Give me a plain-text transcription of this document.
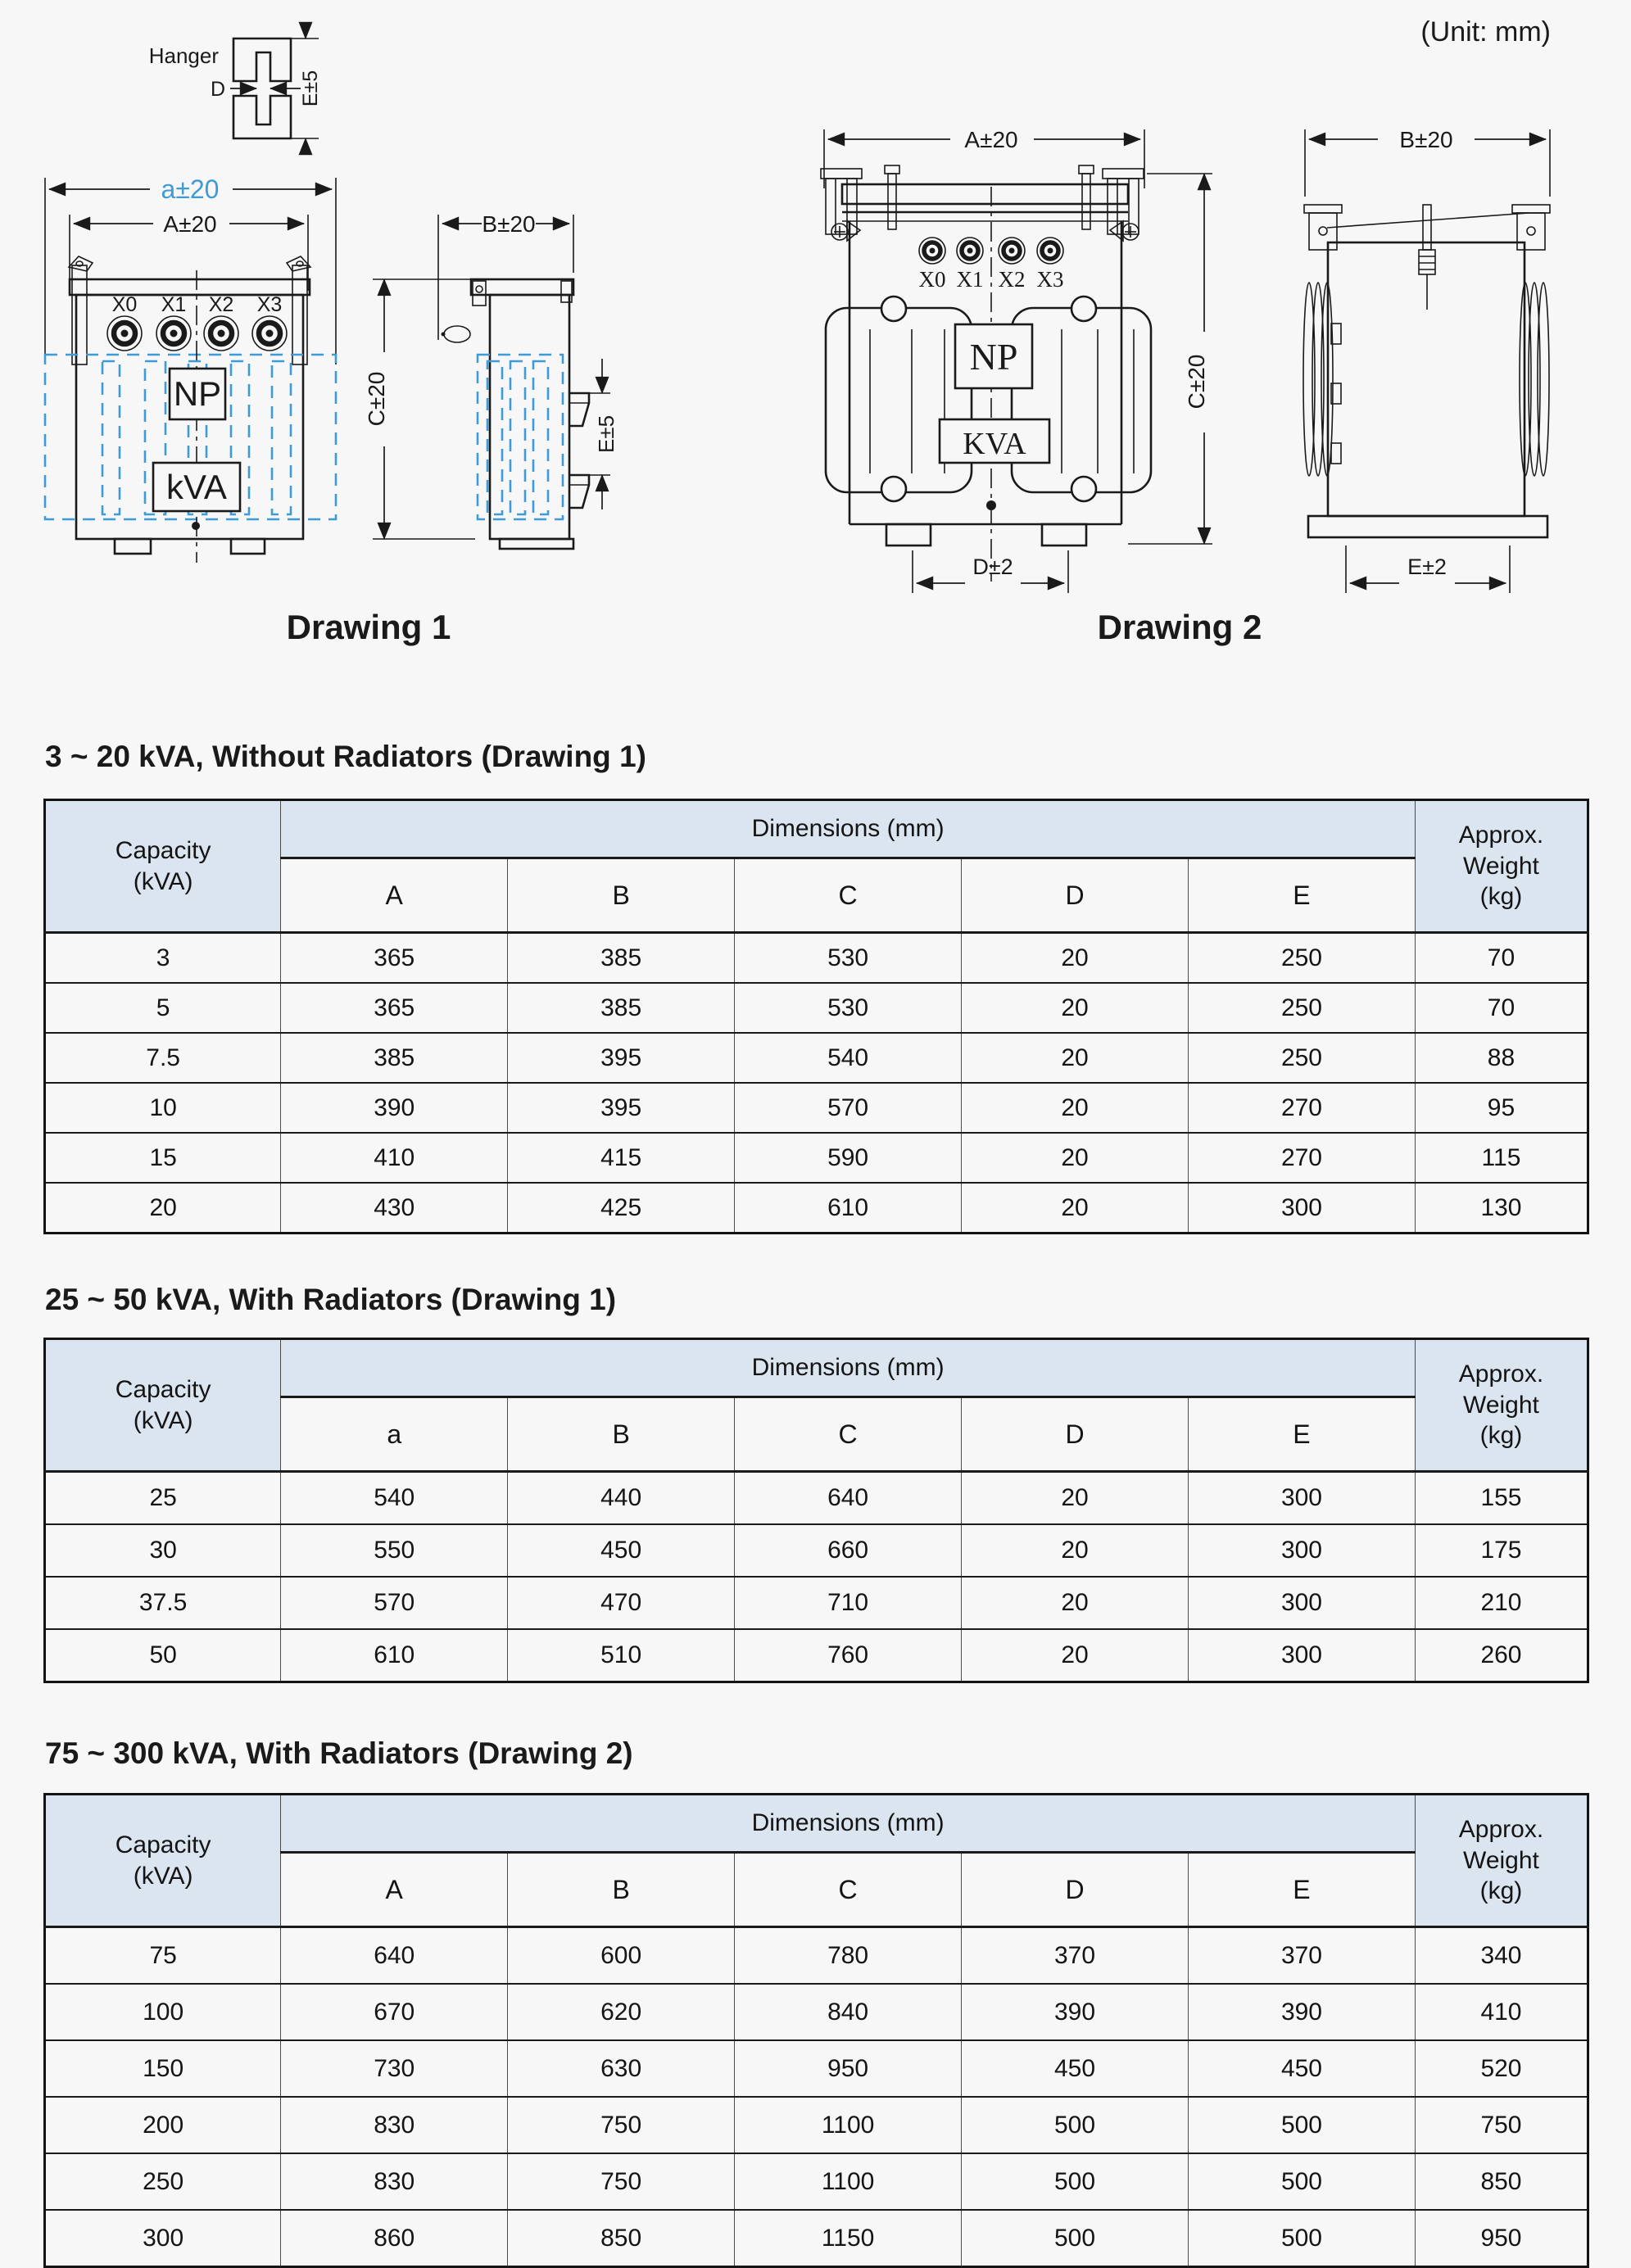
(Unit: mm)
Hanger
D	E±5
a±20
A±20
X0 X1 X2 X3
NP
kVA
C±20
B±20
E±5
Drawing 1
A±20
X0 X1 X2 X3
NP
KVA
D±2
C±20
B±20
E±2
Drawing 2
3 ~ 20 kVA, Without Radiators (Drawing 1)
Capacity
(kVA)
	Dimensions (mm)	Approx.
Weight
(kg)

	A	B	C	D	E	
3	365	385	530	20	250	70
5	365	385	530	20	250	70
7.5	385	395	540	20	250	88
10	390	395	570	20	270	95
15	410	415	590	20	270	115
20	430	425	610	20	300	130
25 ~ 50 kVA, With Radiators (Drawing 1)
Capacity
(kVA)
	Dimensions (mm)	Approx.
Weight
(kg)

	a	B	C	D	E	
25	540	440	640	20	300	155
30	550	450	660	20	300	175
37.5	570	470	710	20	300	210
50	610	510	760	20	300	260
75 ~ 300 kVA, With Radiators (Drawing 2)
Capacity
(kVA)
	Dimensions (mm)	Approx.
Weight
(kg)

	A	B	C	D	E	
75	640	600	780	370	370	340
100	670	620	840	390	390	410
150	730	630	950	450	450	520
200	830	750	1100	500	500	750
250	830	750	1100	500	500	850
300	860	850	1150	500	500	950
